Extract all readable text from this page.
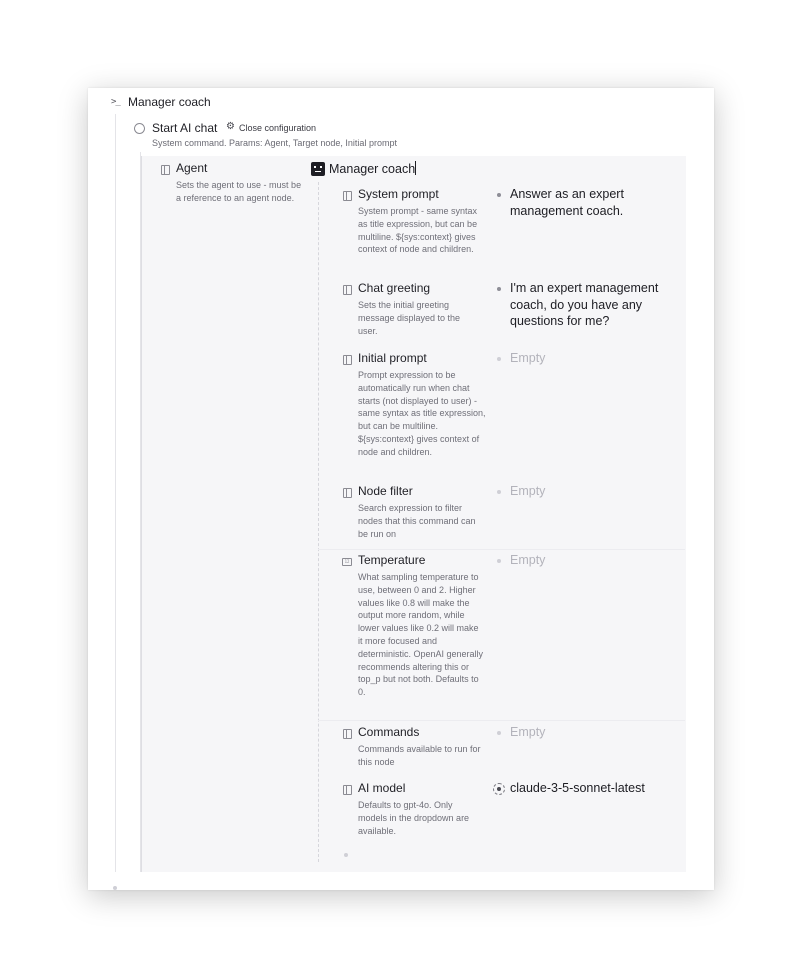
>_ Manager coach
Start AI chat ⚙ Close configuration
System command. Params: Agent, Target node, Initial prompt
Agent
Sets the agent to use - must be a reference to an agent node.
Manager coach
System prompt
System prompt - same syntax as title expression, but can be multiline. ${sys:context} gives context of node and children.
Answer as an expert management coach.
Chat greeting
Sets the initial greeting message displayed to the user.
I'm an expert management coach, do you have any questions for me?
Initial prompt
Prompt expression to be automatically run when chat starts (not displayed to user) - same syntax as title expression, but can be multiline. ${sys:context} gives context of node and children.
Empty
Node filter
Search expression to filter nodes that this command can be run on
Empty
12 Temperature
What sampling temperature to use, between 0 and 2. Higher values like 0.8 will make the output more random, while lower values like 0.2 will make it more focused and deterministic. OpenAI generally recommends altering this or top_p but not both. Defaults to 0.
Empty
Commands
Commands available to run for this node
Empty
AI model
Defaults to gpt-4o. Only models in the dropdown are available.
claude-3-5-sonnet-latest
